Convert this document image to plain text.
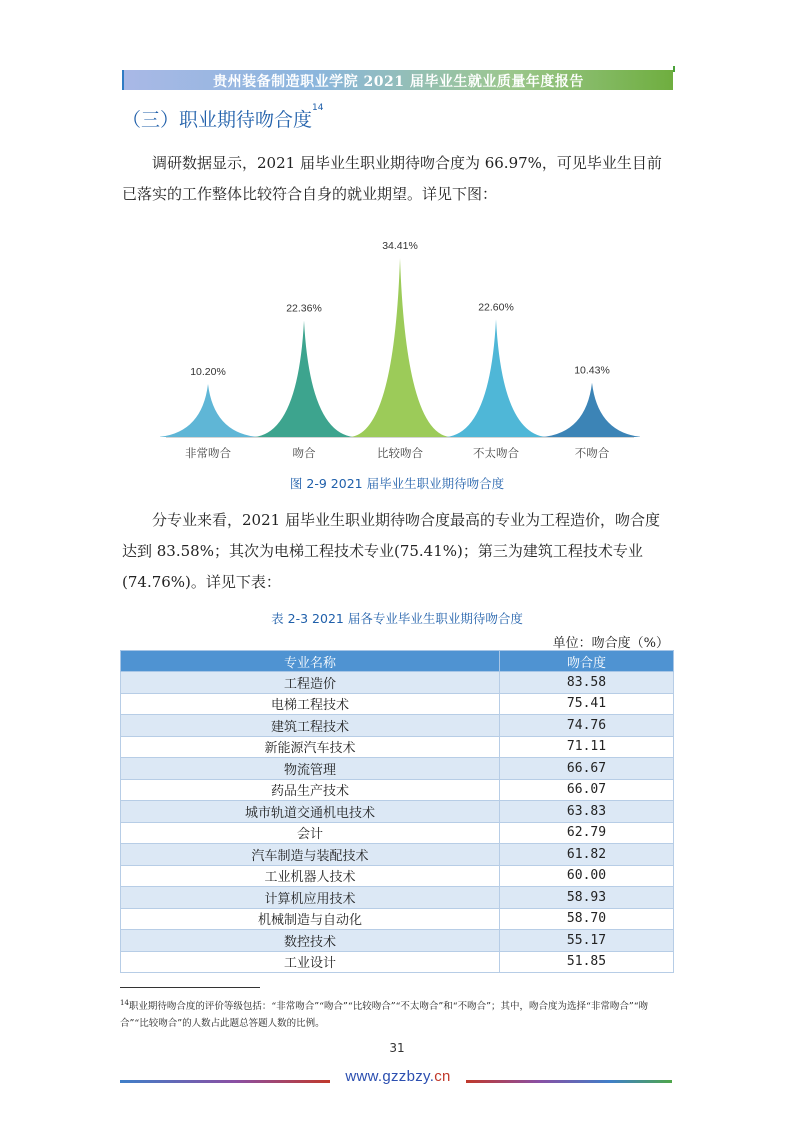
贵州装备制造职业学院 2021 届毕业生就业质量年度报告
（三）职业期待吻合度$^{14}$

调研数据显示，2021 届毕业生职业期待吻合度为 66.97%，可见毕业生目前已落实的工作整体比较符合自身的就业期望。详见下图：

10.20%
非常吻合
22.36%
吻合
34.41%
比较吻合
22.60%
不太吻合
10.43%
不吻合
图 2-9 2021 届毕业生职业期待吻合度

分专业来看，2021 届毕业生职业期待吻合度最高的专业为工程造价，吻合度达到 83.58%；其次为电梯工程技术专业(75.41%)；第三为建筑工程技术专业(74.76%)。详见下表：

表 2-3 2021 届各专业毕业生职业期待吻合度
单位：吻合度（%）
专业名称	吻合度
工程造价	83.58
电梯工程技术	75.41
建筑工程技术	74.76
新能源汽车技术	71.11
物流管理	66.67
药品生产技术	66.07
城市轨道交通机电技术	63.83
会计	62.79
汽车制造与装配技术	61.82
工业机器人技术	60.00
计算机应用技术	58.93
机械制造与自动化	58.70
数控技术	55.17
工业设计	51.85
$^{14}$职业期待吻合度的评价等级包括：“非常吻合”“吻合”“比较吻合”“不太吻合”和“不吻合”；其中，吻合度为选择“非常吻合”“吻合”“比较吻合”的人数占此题总答题人数的比例。
31
www.gzzbzy.cn
